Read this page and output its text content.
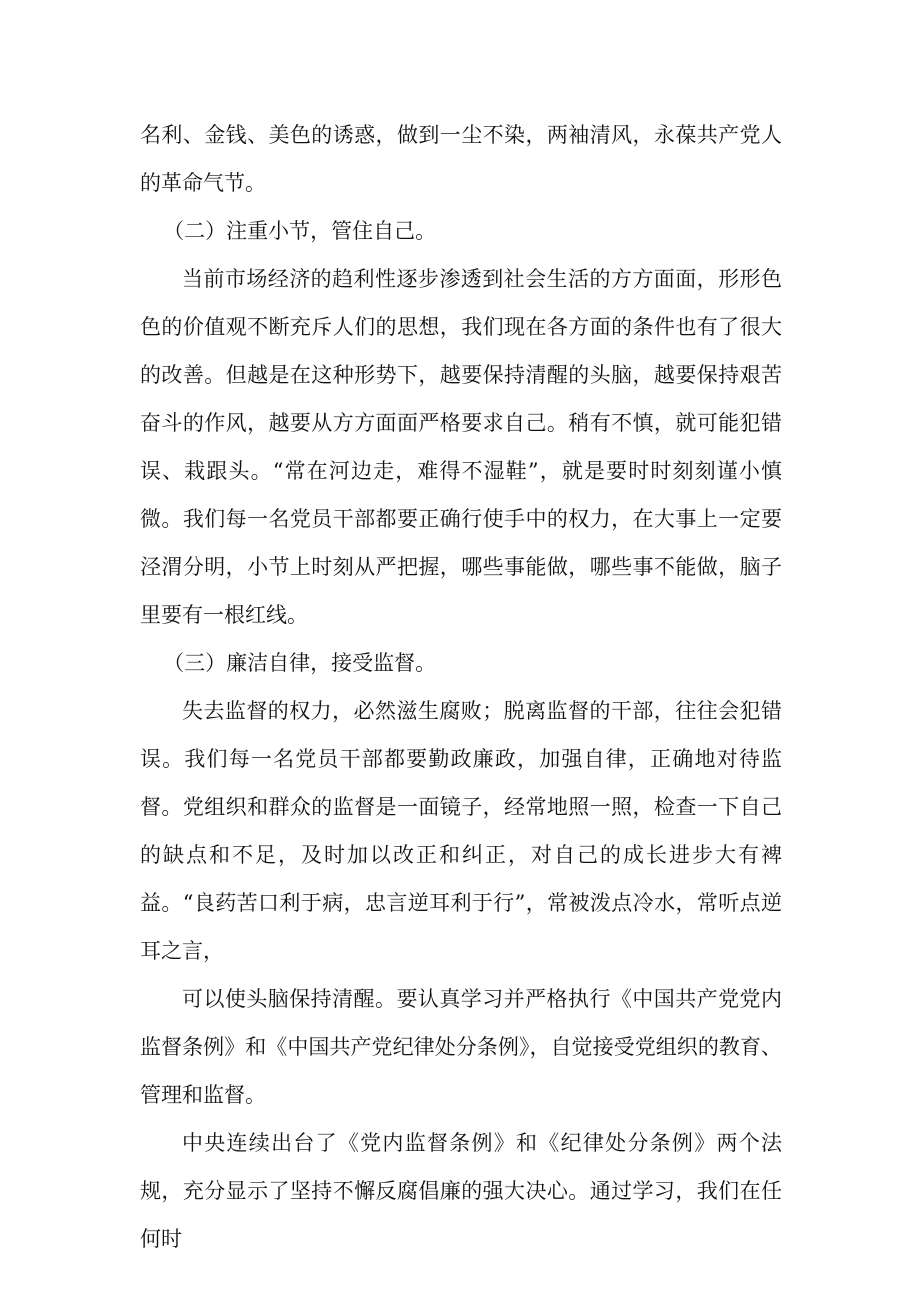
名利、金钱、美色的诱惑，做到一尘不染，两袖清风，永葆共产党人的革命气节。

（二）注重小节，管住自己。

当前市场经济的趋利性逐步渗透到社会生活的方方面面，形形色色的价值观不断充斥人们的思想，我们现在各方面的条件也有了很大的改善。但越是在这种形势下，越要保持清醒的头脑，越要保持艰苦奋斗的作风，越要从方方面面严格要求自己。稍有不慎，就可能犯错误、栽跟头。“常在河边走，难得不湿鞋”，就是要时时刻刻谨小慎微。我们每一名党员干部都要正确行使手中的权力，在大事上一定要泾渭分明，小节上时刻从严把握，哪些事能做，哪些事不能做，脑子里要有一根红线。

（三）廉洁自律，接受监督。

失去监督的权力，必然滋生腐败；脱离监督的干部，往往会犯错误。我们每一名党员干部都要勤政廉政，加强自律，正确地对待监督。党组织和群众的监督是一面镜子，经常地照一照，检查一下自己的缺点和不足，及时加以改正和纠正，对自己的成长进步大有裨益。“良药苦口利于病，忠言逆耳利于行”，常被泼点冷水，常听点逆耳之言，

可以使头脑保持清醒。要认真学习并严格执行《中国共产党党内监督条例》和《中国共产党纪律处分条例》，自觉接受党组织的教育、管理和监督。

中央连续出台了《党内监督条例》和《纪律处分条例》两个法规，充分显示了坚持不懈反腐倡廉的强大决心。通过学习，我们在任何时
